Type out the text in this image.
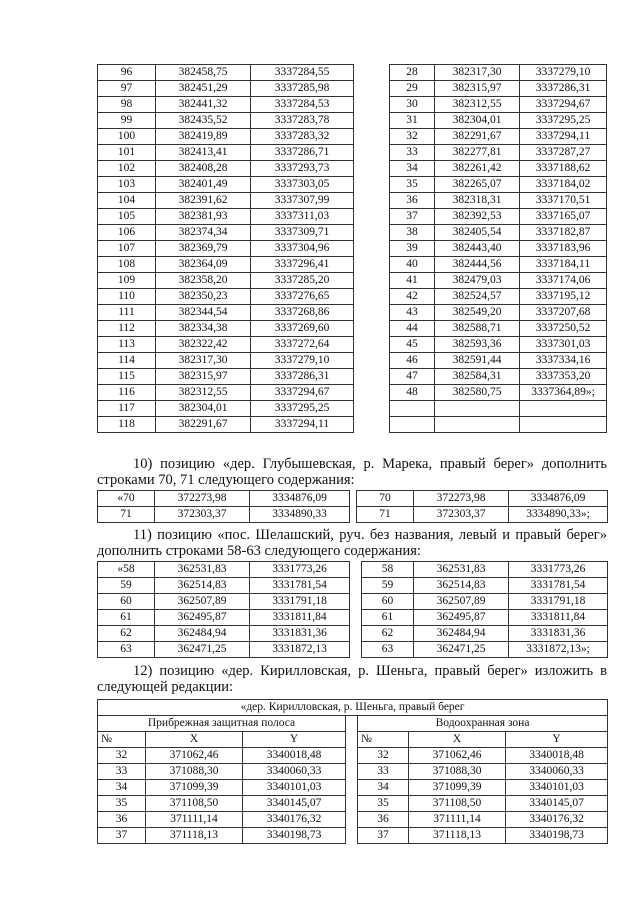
96	382458,75	3337284,55
97	382451,29	3337285,98
98	382441,32	3337284,53
99	382435,52	3337283,78
100	382419,89	3337283,32
101	382413,41	3337286,71
102	382408,28	3337293,73
103	382401,49	3337303,05
104	382391,62	3337307,99
105	382381,93	3337311,03
106	382374,34	3337309,71
107	382369,79	3337304,96
108	382364,09	3337296,41
109	382358,20	3337285,20
110	382350,23	3337276,65
111	382344,54	3337268,86
112	382334,38	3337269,60
113	382322,42	3337272,64
114	382317,30	3337279,10
115	382315,97	3337286,31
116	382312,55	3337294,67
117	382304,01	3337295,25
118	382291,67	3337294,11
28	382317,30	3337279,10
29	382315,97	3337286,31
30	382312,55	3337294,67
31	382304,01	3337295,25
32	382291,67	3337294,11
33	382277,81	3337287,27
34	382261,42	3337188,62
35	382265,07	3337184,02
36	382318,31	3337170,51
37	382392,53	3337165,07
38	382405,54	3337182,87
39	382443,40	3337183,96
40	382444,56	3337184,11
41	382479,03	3337174,06
42	382524,57	3337195,12
43	382549,20	3337207,68
44	382588,71	3337250,52
45	382593,36	3337301,03
46	382591,44	3337334,16
47	382584,31	3337353,20
48	382580,75	3337364,89»;

10) позицию «дер. Глубышевская, р. Марека, правый берег» дополнить строками 70, 71 следующего содержания:
«70	372273,98	3334876,09		70	372273,98	3334876,09
71	372303,37	3334890,33		71	372303,37	3334890,33»;
11) позицию «пос. Шелашский, руч. без названия, левый и правый берег» дополнить строками 58-63 следующего содержания:
«58	362531,83	3331773,26		58	362531,83	3331773,26
59	362514,83	3331781,54		59	362514,83	3331781,54
60	362507,89	3331791,18		60	362507,89	3331791,18
61	362495,87	3331811,84		61	362495,87	3331811,84
62	362484,94	3331831,36		62	362484,94	3331831,36
63	362471,25	3331872,13		63	362471,25	3331872,13»;
12) позицию «дер. Кирилловская, р. Шеньга, правый берег» изложить в следующей редакции:
«дер. Кирилловская, р. Шеньга, правый берег						
Прибрежная защитная полоса				Водоохранная зона		
№	X	Y		№	X	Y
32	371062,46	3340018,48		32	371062,46	3340018,48
33	371088,30	3340060,33		33	371088,30	3340060,33
34	371099,39	3340101,03		34	371099,39	3340101,03
35	371108,50	3340145,07		35	371108,50	3340145,07
36	371111,14	3340176,32		36	371111,14	3340176,32
37	371118,13	3340198,73		37	371118,13	3340198,73
